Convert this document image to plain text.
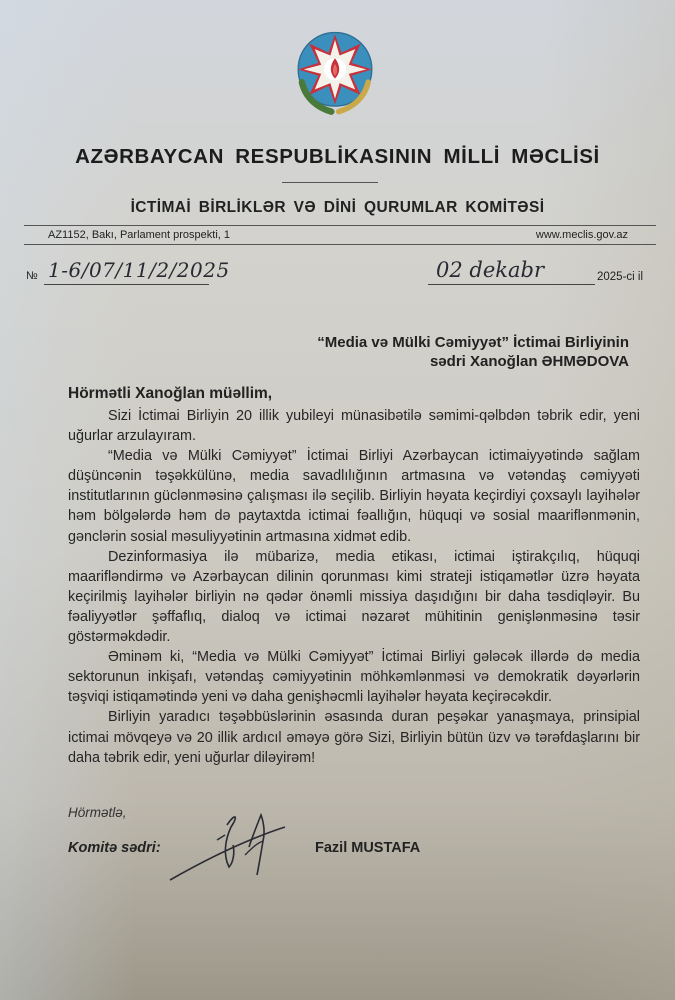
AZƏRBAYCAN RESPUBLİKASININ MİLLİ MƏCLİSİ
İCTİMAİ BİRLİKLƏR VƏ DİNİ QURUMLAR KOMİTƏSİ
AZ1152, Bakı, Parlament prospekti, 1	www.meclis.gov.az
№ 1-6/07/11/2/2025	02 dekabr	2025-ci il
“Media və Mülki Cəmiyyət” İctimai Birliyinin
sədri Xanoğlan ƏHMƏDOVA
Hörmətli Xanoğlan müəllim,

Sizi İctimai Birliyin 20 illik yubileyi münasibətilə səmimi-qəlbdən təbrik edir, yeni uğurlar arzulayıram.

“Media və Mülki Cəmiyyət” İctimai Birliyi Azərbaycan ictimaiyyətində sağlam düşüncənin təşəkkülünə, media savadlılığının artmasına və vətəndaş cəmiyyəti institutlarının güclənməsinə çalışması ilə seçilib. Birliyin həyata keçirdiyi çoxsaylı layihələr həm bölgələrdə həm də paytaxtda ictimai fəallığın, hüquqi və sosial maariflənmənin, gənclərin sosial məsuliyyətinin artmasına xidmət edib.

Dezinformasiya ilə mübarizə, media etikası, ictimai iştirakçılıq, hüquqi maarifləndirmə və Azərbaycan dilinin qorunması kimi strateji istiqamətlər üzrə həyata keçirilmiş layihələr birliyin nə qədər önəmli missiya daşıdığını bir daha təsdiqləyir. Bu fəaliyyətlər şəffaflıq, dialoq və ictimai nəzarət mühitinin genişlənməsinə təsir göstərməkdədir.

Əminəm ki, “Media və Mülki Cəmiyyət” İctimai Birliyi gələcək illərdə də media sektorunun inkişafı, vətəndaş cəmiyyətinin möhkəmlənməsi və demokratik dəyərlərin təşviqi istiqamətində yeni və daha genişhəcmli layihələr həyata keçirəcəkdir.

Birliyin yaradıcı təşəbbüslərinin əsasında duran peşəkar yanaşmaya, prinsipial ictimai mövqeyə və 20 illik ardıcıl əməyə görə Sizi, Birliyin bütün üzv və tərəfdaşlarını bir daha təbrik edir, yeni uğurlar diləyirəm!

Hörmətlə,
Komitə sədri:	Fazil MUSTAFA
